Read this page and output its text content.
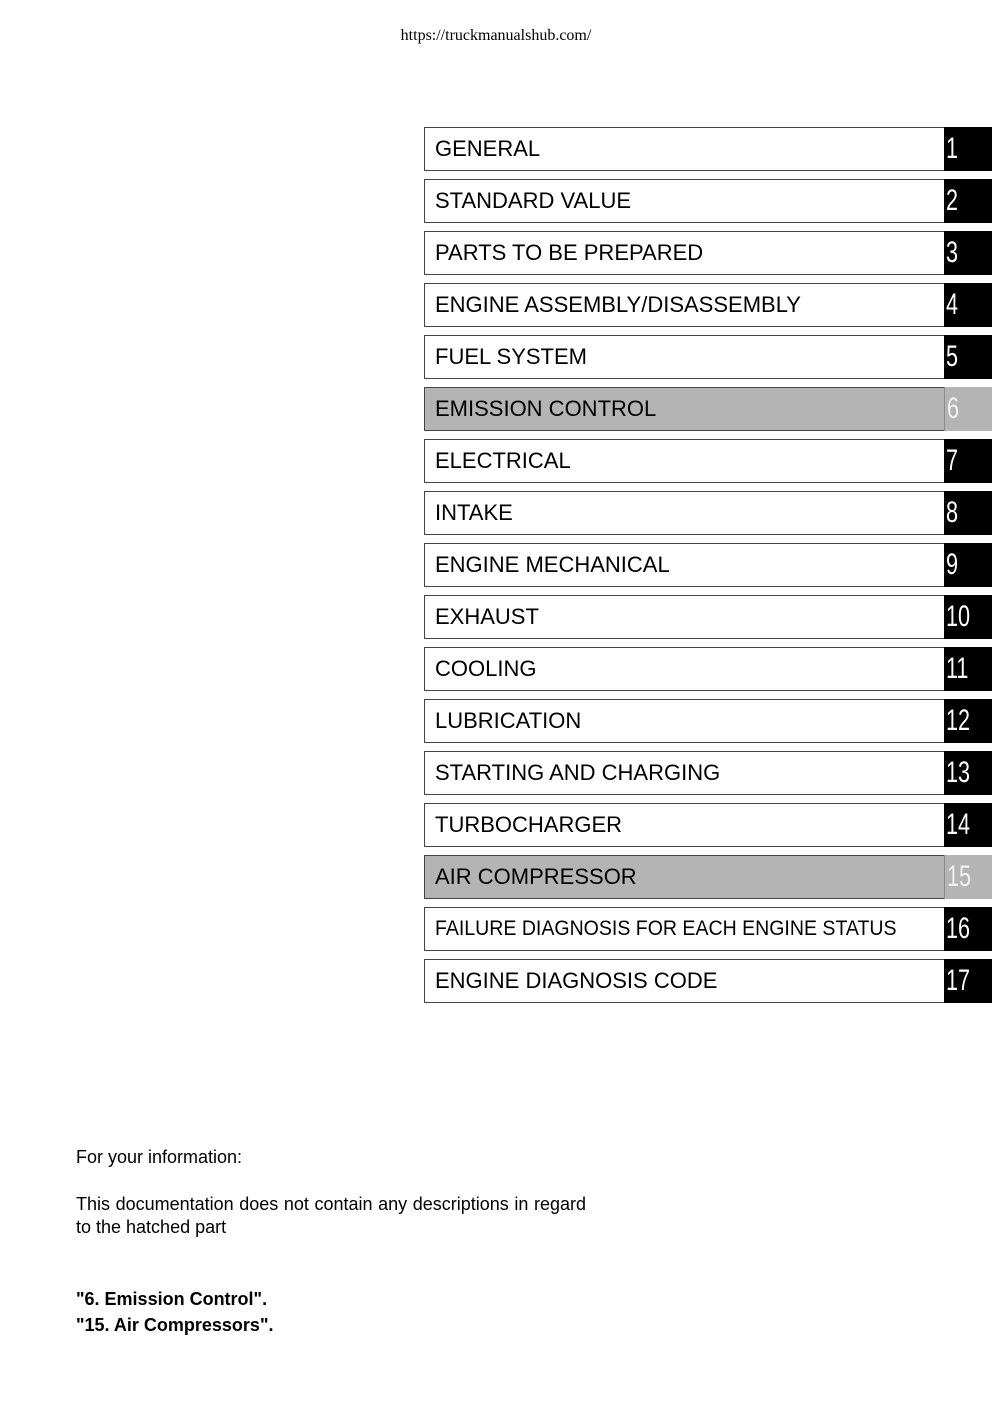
https://truckmanualshub.com/
GENERAL	1
STANDARD VALUE	2
PARTS TO BE PREPARED	3
ENGINE ASSEMBLY/DISASSEMBLY	4
FUEL SYSTEM	5
EMISSION CONTROL	6
ELECTRICAL	7
INTAKE	8
ENGINE MECHANICAL	9
EXHAUST	10
COOLING	11
LUBRICATION	12
STARTING AND CHARGING	13
TURBOCHARGER	14
AIR COMPRESSOR	15
FAILURE DIAGNOSIS FOR EACH ENGINE STATUS 16
ENGINE DIAGNOSIS CODE	17

For your information:

This documentation does not contain any descriptions in regard to the hatched part

"6. Emission Control".
"15. Air Compressors".
